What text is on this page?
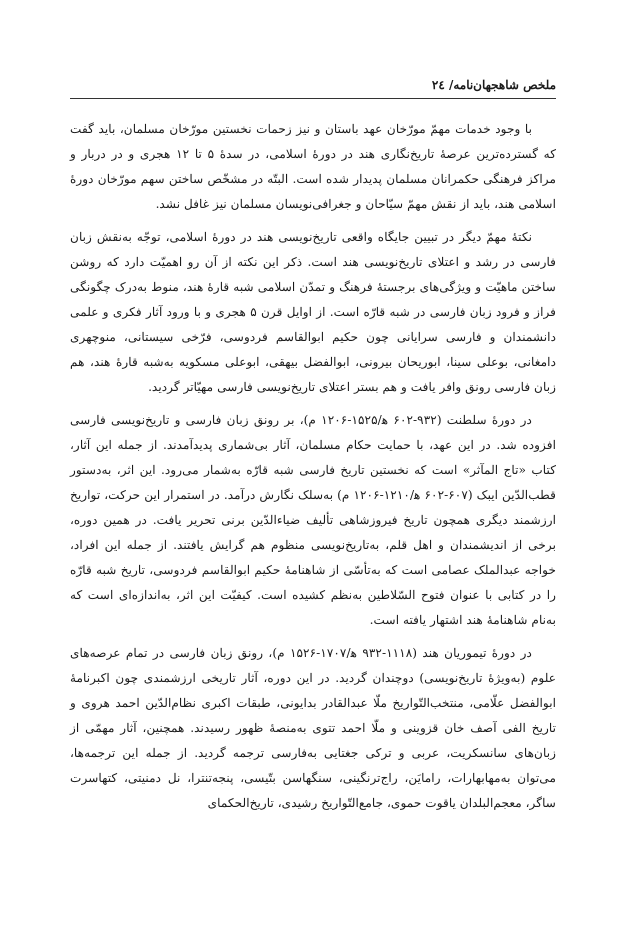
ملخص شاهجهان‌نامه/ ٢٤

با وجود خدمات مهمّ مورّخان عهد باستان و نیز زحمات نخستین مورّخان مسلمان، باید گفت که گسترده‌ترین عرصهٔ تاریخ‌نگاری هند در دورهٔ اسلامی، در سدهٔ ۵ تا ۱۲ هجری و در دربار و مراکز فرهنگی حکمرانان مسلمان پدیدار شده است. البتّه در مشخّص ساختن سهم مورّخان دورهٔ اسلامی هند، باید از نقش مهمّ سیّاحان و جغرافی‌نویسان مسلمان نیز غافل نشد.

نکتهٔ مهمّ دیگر در تبیین جایگاه واقعی تاریخ‌نویسی هند در دورهٔ اسلامی، توجّه به‌نقش زبان فارسی در رشد و اعتلای تاریخ‌نویسی هند است. ذکر این نکته از آن رو اهمیّت دارد که روشن ساختن ماهیّت و ویژگی‌های برجستهٔ فرهنگ و تمدّن اسلامی شبه قارهٔ هند، منوط به‌درک چگونگی فراز و فرود زبان فارسی در شبه قارّه است. از اوایل قرن ۵ هجری و با ورود آثار فکری و علمی دانشمندان و فارسی سرایانی چون حکیم ابوالقاسم فردوسی، فرّخی سیستانی، منوچهری دامغانی، بوعلی سینا، ابوریحان بیرونی، ابوالفضل بیهقی، ابوعلی مسکویه به‌شبه قارهٔ هند، هم زبان فارسی رونق وافر یافت و هم بستر اعتلای تاریخ‌نویسی فارسی مهیّاتر گردید.

در دورهٔ سلطنت (۹۳۲-۶۰۲ ه‍/۱۵۲۵-۱۲۰۶ م)، بر رونق زبان فارسی و تاریخ‌نویسی فارسی افزوده شد. در این عهد، با حمایت حکام مسلمان، آثار بی‌شماری پدیدآمدند. از جمله این آثار، کتاب «تاج المآثر» است که نخستین تاریخ فارسی شبه قارّه به‌شمار می‌رود. این اثر، به‌دستور قطب‌الدّین ایبک (۶۰۷-۶۰۲ ه‍/۱۲۱۰-۱۲۰۶ م) به‌سلک نگارش درآمد. در استمرار این حرکت، تواریخ ارزشمند دیگری همچون تاریخ فیروزشاهی تألیف ضیاءالدّین برنی تحریر یافت. در همین دوره، برخی از اندیشمندان و اهل قلم، به‌تاریخ‌نویسی منظوم هم گرایش یافتند. از جمله این افراد، خواجه عبدالملک عصامی است که به‌تأسّی از شاهنامهٔ حکیم ابوالقاسم فردوسی، تاریخ شبه قارّه را در کتابی با عنوان فتوح السّلاطین به‌نظم کشیده است. کیفیّت این اثر، به‌اندازه‌ای است که به‌نام شاهنامهٔ هند اشتهار یافته است.

در دورهٔ تیموریان هند (۱۱۱۸-۹۳۲ ه‍/۱۷۰۷-۱۵۲۶ م)، رونق زبان فارسی در تمام عرصه‌های علوم (به‌ویژهٔ تاریخ‌نویسی) دوچندان گردید. در این دوره، آثار تاریخی ارزشمندی چون اکبرنامهٔ ابوالفضل علّامی، منتخب‌التّواریخ ملّا عبدالقادر بدایونی، طبقات اکبری نظام‌الدّین احمد هروی و تاریخ الفی آصف خان قزوینی و ملّا احمد تتوی به‌منصهٔ ظهور رسیدند. همچنین، آثار مهمّی از زبان‌های سانسکریت، عربی و ترکی جغتایی به‌فارسی ترجمه گردید. از جمله این ترجمه‌ها، می‌توان به‌مهابهارات، رامایَن، راج‌ترنگینی، سنگهاسن بتّیسی، پنجه‌تنترا، نل دمنیتی، کتهاسرت ساگر، معجم‌البلدان یاقوت حموی، جامع‌التّواریخ رشیدی، تاریخ‌الحکمای
